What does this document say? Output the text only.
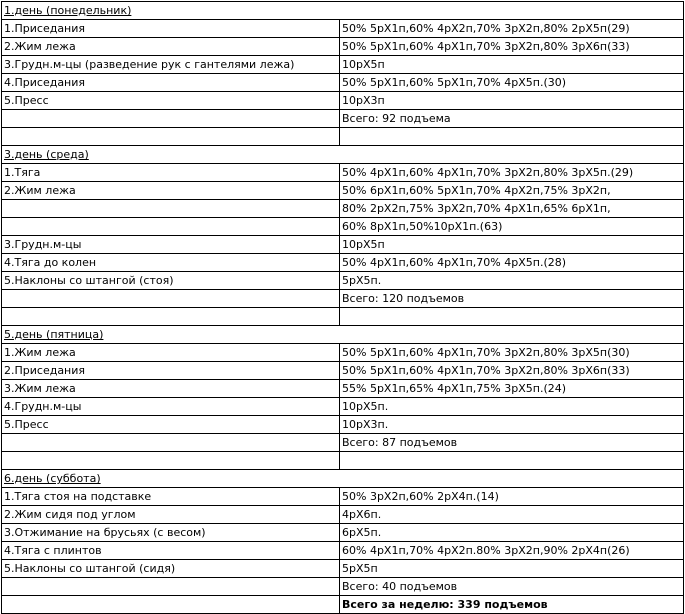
1.день (понедельник)
1.Приседания	50% 5рХ1п,60% 4рХ2п,70% 3рХ2п,80% 2рХ5п(29)
2.Жим лежа	50% 5рХ1п,60% 4рХ1п,70% 3рХ2п,80% 3рХ6п(33)
3.Грудн.м-цы (разведение рук с гантелями лежа)	10рХ5п
4.Приседания	50% 5рХ1п,60% 5рХ1п,70% 4рХ5п.(30)
5.Пресс	10рХ3п
Всего: 92 подъема
3.день (среда)
1.Тяга	50% 4рХ1п,60% 4рХ1п,70% 3рХ2п,80% 3рХ5п.(29)
2.Жим лежа	50% 6рХ1п,60% 5рХ1п,70% 4рХ2п,75% 3рХ2п,
80% 2рХ2п,75% 3рХ2п,70% 4рХ1п,65% 6рХ1п,
60% 8рХ1п,50%10рХ1п.(63)
3.Грудн.м-цы	10рХ5п
4.Тяга до колен	50% 4рХ1п,60% 4рХ1п,70% 4рХ5п.(28)
5.Наклоны со штангой (стоя)	5рХ5п.
Всего: 120 подъемов
5.день (пятница)
1.Жим лежа	50% 5рХ1п,60% 4рХ1п,70% 3рХ2п,80% 3рХ5п(30)
2.Приседания	50% 5рХ1п,60% 4рХ1п,70% 3рХ2п,80% 3рХ6п(33)
3.Жим лежа	55% 5рХ1п,65% 4рХ1п,75% 3рХ5п.(24)
4.Грудн.м-цы	10рХ5п.
5.Пресс	10рХ3п.
Всего: 87 подъемов
6.день (суббота)
1.Тяга стоя на подставке	50% 3рХ2п,60% 2рХ4п.(14)
2.Жим сидя под углом	4рХ6п.
3.Отжимание на брусьях (с весом)	6рХ5п.
4.Тяга с плинтов	60% 4рХ1п,70% 4рХ2п.80% 3рХ2п,90% 2рХ4п(26)
5.Наклоны со штангой (сидя)	5рХ5п
Всего: 40 подъемов
Всего за неделю: 339 подъемов
